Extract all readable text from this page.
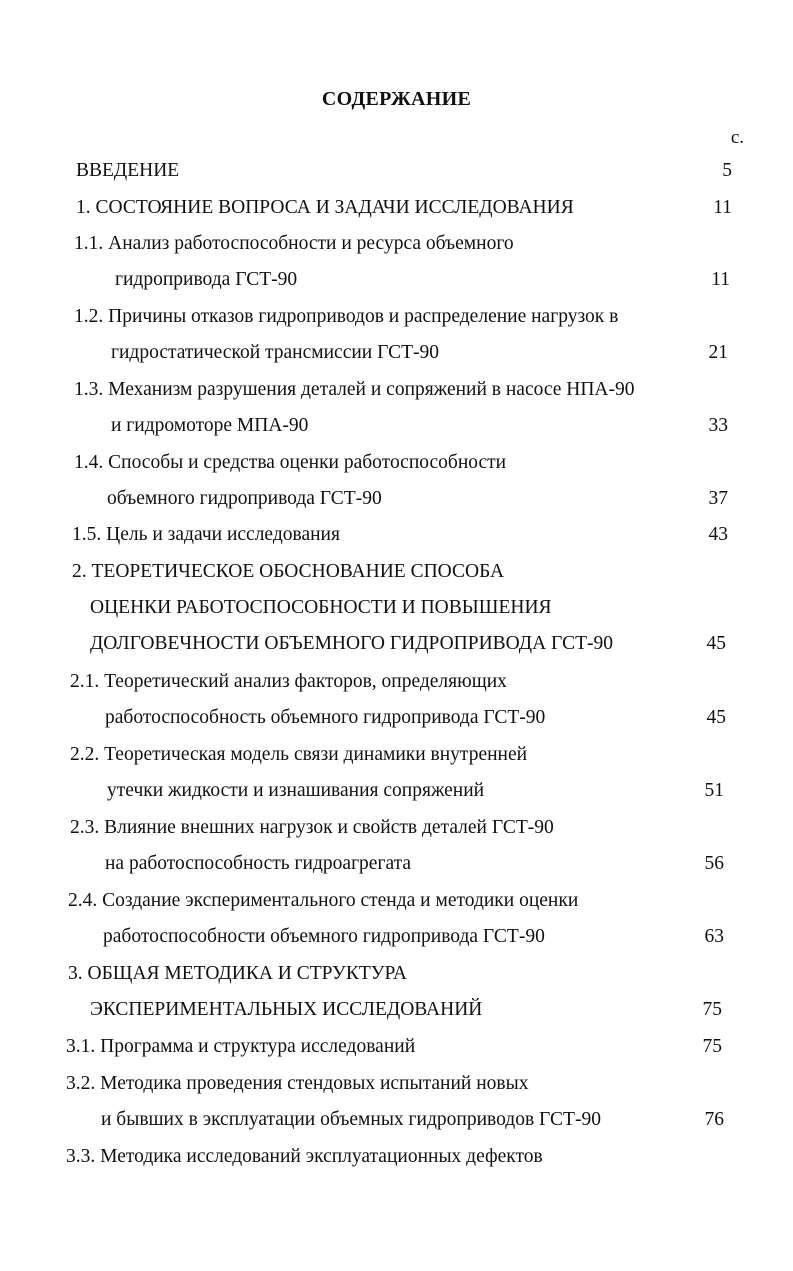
СОДЕРЖАНИЕ
с.
ВВЕДЕНИЕ	5
1. СОСТОЯНИЕ ВОПРОСА И ЗАДАЧИ ИССЛЕДОВАНИЯ	11
1.1. Анализ работоспособности и ресурса объемного
гидропривода ГСТ-90	11
1.2. Причины отказов гидроприводов и распределение нагрузок в
гидростатической трансмиссии ГСТ-90	21
1.3. Механизм разрушения деталей и сопряжений в насосе НПА-90
и гидромоторе МПА-90	33
1.4. Способы и средства оценки работоспособности
объемного гидропривода ГСТ-90	37
1.5. Цель и задачи исследования	43
2. ТЕОРЕТИЧЕСКОЕ ОБОСНОВАНИЕ СПОСОБА
ОЦЕНКИ РАБОТОСПОСОБНОСТИ И ПОВЫШЕНИЯ
ДОЛГОВЕЧНОСТИ ОБЪЕМНОГО ГИДРОПРИВОДА ГСТ-90	45
2.1. Теоретический анализ факторов, определяющих
работоспособность объемного гидропривода ГСТ-90	45
2.2. Теоретическая модель связи динамики внутренней
утечки жидкости и изнашивания сопряжений	51
2.3. Влияние внешних нагрузок и свойств деталей ГСТ-90
на работоспособность гидроагрегата	56
2.4. Создание экспериментального стенда и методики оценки
работоспособности объемного гидропривода ГСТ-90	63
3. ОБЩАЯ МЕТОДИКА И СТРУКТУРА
ЭКСПЕРИМЕНТАЛЬНЫХ ИССЛЕДОВАНИЙ	75
3.1. Программа и структура исследований	75
3.2. Методика проведения стендовых испытаний новых
и бывших в эксплуатации объемных гидроприводов ГСТ-90	76
3.3. Методика исследований эксплуатационных дефектов
